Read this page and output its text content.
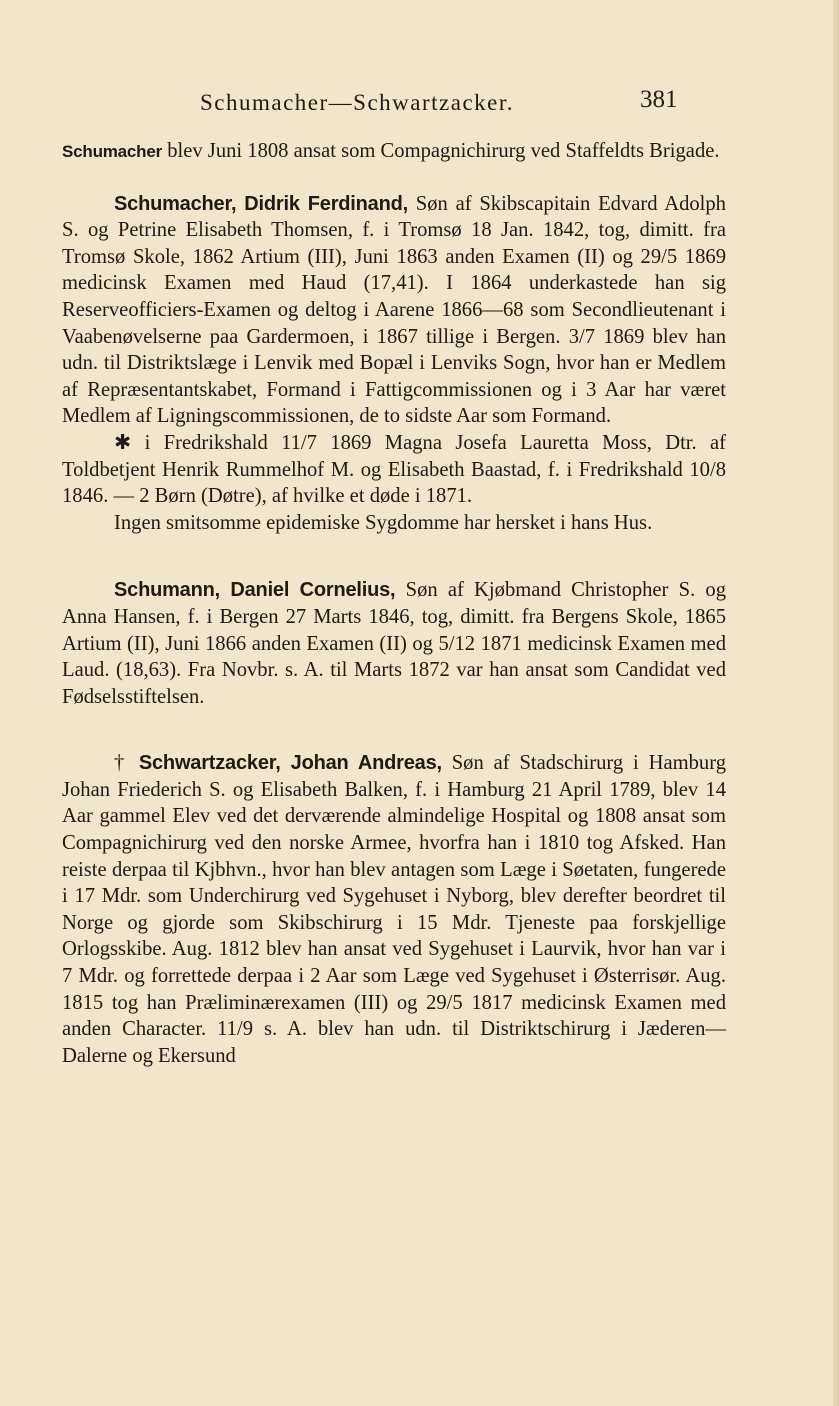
Schumacher—Schwartzacker.	381

Schumacher blev Juni 1808 ansat som Compagnichirurg ved Staffeldts Brigade.

Schumacher, Didrik Ferdinand, Søn af Skibscapitain Edvard Adolph S. og Petrine Elisabeth Thomsen, f. i Tromsø 18 Jan. 1842, tog, dimitt. fra Tromsø Skole, 1862 Artium (III), Juni 1863 anden Examen (II) og 29/5 1869 medicinsk Examen med Haud (17,41). I 1864 underkastede han sig Reserveofficiers-Examen og deltog i Aarene 1866—68 som Secondlieutenant i Vaabenøvelserne paa Gardermoen, i 1867 tillige i Bergen. 3/7 1869 blev han udn. til Distriktslæge i Lenvik med Bopæl i Lenviks Sogn, hvor han er Medlem af Repræsentantskabet, Formand i Fattigcommissionen og i 3 Aar har været Medlem af Ligningscommissionen, de to sidste Aar som Formand.

✱ i Fredrikshald 11/7 1869 Magna Josefa Lauretta Moss, Dtr. af Toldbetjent Henrik Rummelhof M. og Elisabeth Baastad, f. i Fredrikshald 10/8 1846. — 2 Børn (Døtre), af hvilke et døde i 1871.

Ingen smitsomme epidemiske Sygdomme har hersket i hans Hus.

Schumann, Daniel Cornelius, Søn af Kjøbmand Christopher S. og Anna Hansen, f. i Bergen 27 Marts 1846, tog, dimitt. fra Bergens Skole, 1865 Artium (II), Juni 1866 anden Examen (II) og 5/12 1871 medicinsk Examen med Laud. (18,63). Fra Novbr. s. A. til Marts 1872 var han ansat som Candidat ved Fødselsstiftelsen.

† Schwartzacker, Johan Andreas, Søn af Stadschirurg i Hamburg Johan Friederich S. og Elisabeth Balken, f. i Hamburg 21 April 1789, blev 14 Aar gammel Elev ved det derværende almindelige Hospital og 1808 ansat som Compagnichirurg ved den norske Armee, hvorfra han i 1810 tog Afsked. Han reiste derpaa til Kjbhvn., hvor han blev antagen som Læge i Søetaten, fungerede i 17 Mdr. som Underchirurg ved Sygehuset i Nyborg, blev derefter beordret til Norge og gjorde som Skibschirurg i 15 Mdr. Tjeneste paa forskjellige Orlogsskibe. Aug. 1812 blev han ansat ved Sygehuset i Laurvik, hvor han var i 7 Mdr. og forrettede derpaa i 2 Aar som Læge ved Sygehuset i Østerrisør. Aug. 1815 tog han Præliminærexamen (III) og 29/5 1817 medicinsk Examen med anden Character. 11/9 s. A. blev han udn. til Distriktschirurg i Jæderen—Dalerne og Ekersund
